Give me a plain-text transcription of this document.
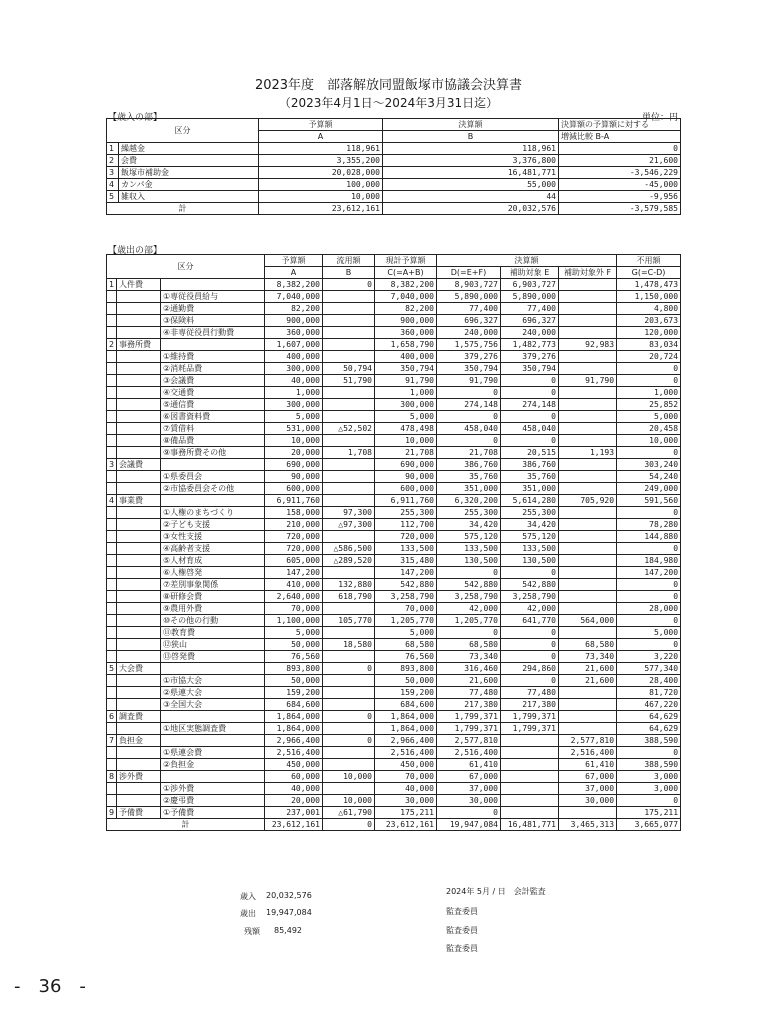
2023年度　部落解放同盟飯塚市協議会決算書
（2023年4月1日～2024年3月31日迄）
【歳入の部】	単位：円
区分		予算額	決算額	決算額の予算額に対する
		A	B	増減比較 B-A
1	繰越金	118,961	118,961	0
2	会費	3,355,200	3,376,800	21,600
3	飯塚市補助金	20,028,000	16,481,771	-3,546,229
4	カンパ金	100,000	55,000	-45,000
5	雑収入	10,000	44	-9,956
計		23,612,161	20,032,576	-3,579,585
【歳出の部】
区分			予算額	流用額	現計予算額	決算額			不用額
			A	B	C(=A+B)	D(=E+F)	補助対象 E	補助対象外 F	G(=C-D)
1	人件費		8,382,200	0	8,382,200	8,903,727	6,903,727		1,478,473
		①専従役員給与	7,040,000		7,040,000	5,890,000	5,890,000		1,150,000
		②通勤費	82,200		82,200	77,400	77,400		4,800
		③保険料	900,000		900,000	696,327	696,327		203,673
		④非専従役員行動費	360,000		360,000	240,000	240,000		120,000
2	事務所費		1,607,000		1,658,790	1,575,756	1,482,773	92,983	83,034
		①維持費	400,000		400,000	379,276	379,276		20,724
		②消耗品費	300,000	50,794	350,794	350,794	350,794		0
		③会議費	40,000	51,790	91,790	91,790	0	91,790	0
		④交通費	1,000		1,000	0	0		1,000
		⑤通信費	300,000		300,000	274,148	274,148		25,852
		⑥図書資料費	5,000		5,000	0	0		5,000
		⑦賃借料	531,000	△52,502	478,498	458,040	458,040		20,458
		⑧備品費	10,000		10,000	0	0		10,000
		⑨事務所費その他	20,000	1,708	21,708	21,708	20,515	1,193	0
3	会議費		690,000		690,000	386,760	386,760		303,240
		①県委員会	90,000		90,000	35,760	35,760		54,240
		②市協委員会その他	600,000		600,000	351,000	351,000		249,000
4	事業費		6,911,760		6,911,760	6,320,200	5,614,280	705,920	591,560
		①人権のまちづくり	158,000	97,300	255,300	255,300	255,300		0
		②子ども支援	210,000	△97,300	112,700	34,420	34,420		78,280
		③女性支援	720,000		720,000	575,120	575,120		144,880
		④高齢者支援	720,000	△586,500	133,500	133,500	133,500		0
		⑤人材育成	605,000	△289,520	315,480	130,500	130,500		184,980
		⑥人権啓発	147,200		147,200	0	0		147,200
		⑦差別事象関係	410,000	132,880	542,880	542,880	542,880		0
		⑧研修会費	2,640,000	618,790	3,258,790	3,258,790	3,258,790		0
		⑨農用外費	70,000		70,000	42,000	42,000		28,000
		⑩その他の行動	1,100,000	105,770	1,205,770	1,205,770	641,770	564,000	0
		⑪教育費	5,000		5,000	0	0		5,000
		⑫狭山	50,000	18,580	68,580	68,580	0	68,580	0
		⑬啓発費	76,560		76,560	73,340	0	73,340	3,220
5	大会費		893,800	0	893,800	316,460	294,860	21,600	577,340
		①市協大会	50,000		50,000	21,600	0	21,600	28,400
		②県連大会	159,200		159,200	77,480	77,480		81,720
		③全国大会	684,600		684,600	217,380	217,380		467,220
6	調査費		1,864,000	0	1,864,000	1,799,371	1,799,371		64,629
		①地区実態調査費	1,864,000		1,864,000	1,799,371	1,799,371		64,629
7	負担金		2,966,400	0	2,966,400	2,577,810		2,577,810	388,590
		①県連会費	2,516,400		2,516,400	2,516,400		2,516,400	0
		②負担金	450,000		450,000	61,410		61,410	388,590
8	渉外費		60,000	10,000	70,000	67,000		67,000	3,000
		①渉外費	40,000		40,000	37,000		37,000	3,000
		②慶弔費	20,000	10,000	30,000	30,000		30,000	0
9	予備費	①予備費	237,001	△61,790	175,211	0			175,211
計			23,612,161	0	23,612,161	19,947,084	16,481,771	3,465,313	3,665,077
歳入 20,032,576
歳出 19,947,084
残額 85,492
2024年 5月 / 日　会計監査
監査委員
監査委員
監査委員
-　36　-
